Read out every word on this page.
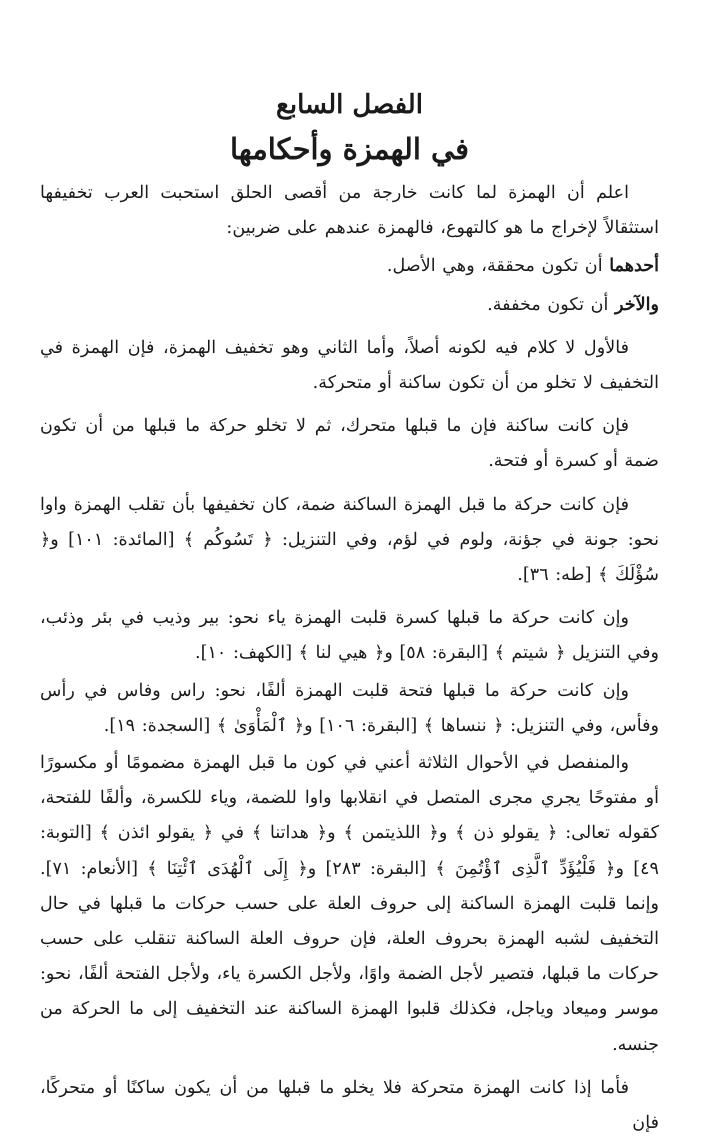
الفصل السابع
في الهمزة وأحكامها

اعلم أن الهمزة لما كانت خارجة من أقصى الحلق استحبت العرب تخفيفها استثقالاً لإخراج ما هو كالتهوع، فالهمزة عندهم على ضربين:

أحدهما أن تكون محققة، وهي الأصل.

والآخر أن تكون مخففة.

فالأول لا كلام فيه لكونه أصلاً، وأما الثاني وهو تخفيف الهمزة، فإن الهمزة في التخفيف لا تخلو من أن تكون ساكنة أو متحركة.

فإن كانت ساكنة فإن ما قبلها متحرك، ثم لا تخلو حركة ما قبلها من أن تكون ضمة أو كسرة أو فتحة.

فإن كانت حركة ما قبل الهمزة الساكنة ضمة، كان تخفيفها بأن تقلب الهمزة واوا نحو: جونة في جؤنة، ولوم في لؤم، وفي التنزيل: ﴿ تَسُوكُم ﴾ [المائدة: ١٠١] و﴿ سُؤْلَكَ ﴾ [طه: ٣٦].

وإن كانت حركة ما قبلها كسرة قلبت الهمزة ياء نحو: بير وذيب في بئر وذئب، وفي التنزيل ﴿ شيتم ﴾ [البقرة: ٥٨] و﴿ هيي لنا ﴾ [الكهف: ١٠].

وإن كانت حركة ما قبلها فتحة قلبت الهمزة ألفًا، نحو: راس وفاس في رأس وفأس، وفي التنزيل: ﴿ ننساها ﴾ [البقرة: ١٠٦] و﴿ ٱلْمَأْوَىٰ ﴾ [السجدة: ١٩].

والمنفصل في الأحوال الثلاثة أعني في كون ما قبل الهمزة مضمومًا أو مكسورًا أو مفتوحًا يجري مجرى المتصل في انقلابها واوا للضمة، وياء للكسرة، وألفًا للفتحة، كقوله تعالى: ﴿ يقولو ذن ﴾ و﴿ اللذيتمن ﴾ و﴿ هداتنا ﴾ في ﴿ يقولو ائذن ﴾ [التوبة: ٤٩] و﴿ فَلْيُؤَدِّ ٱلَّذِى ٱؤْتُمِنَ ﴾ [البقرة: ٢٨٣] و﴿ إِلَى ٱلْهُدَى ٱئْتِنَا ﴾ [الأنعام: ٧١]. وإنما قلبت الهمزة الساكنة إلى حروف العلة على حسب حركات ما قبلها في حال التخفيف لشبه الهمزة بحروف العلة، فإن حروف العلة الساكنة تنقلب على حسب حركات ما قبلها، فتصير لأجل الضمة واوًا، ولأجل الكسرة ياء، ولأجل الفتحة ألفًا، نحو: موسر وميعاد وياجل، فكذلك قلبوا الهمزة الساكنة عند التخفيف إلى ما الحركة من جنسه.

فأما إذا كانت الهمزة متحركة فلا يخلو ما قبلها من أن يكون ساكنًا أو متحركًا، فإن
